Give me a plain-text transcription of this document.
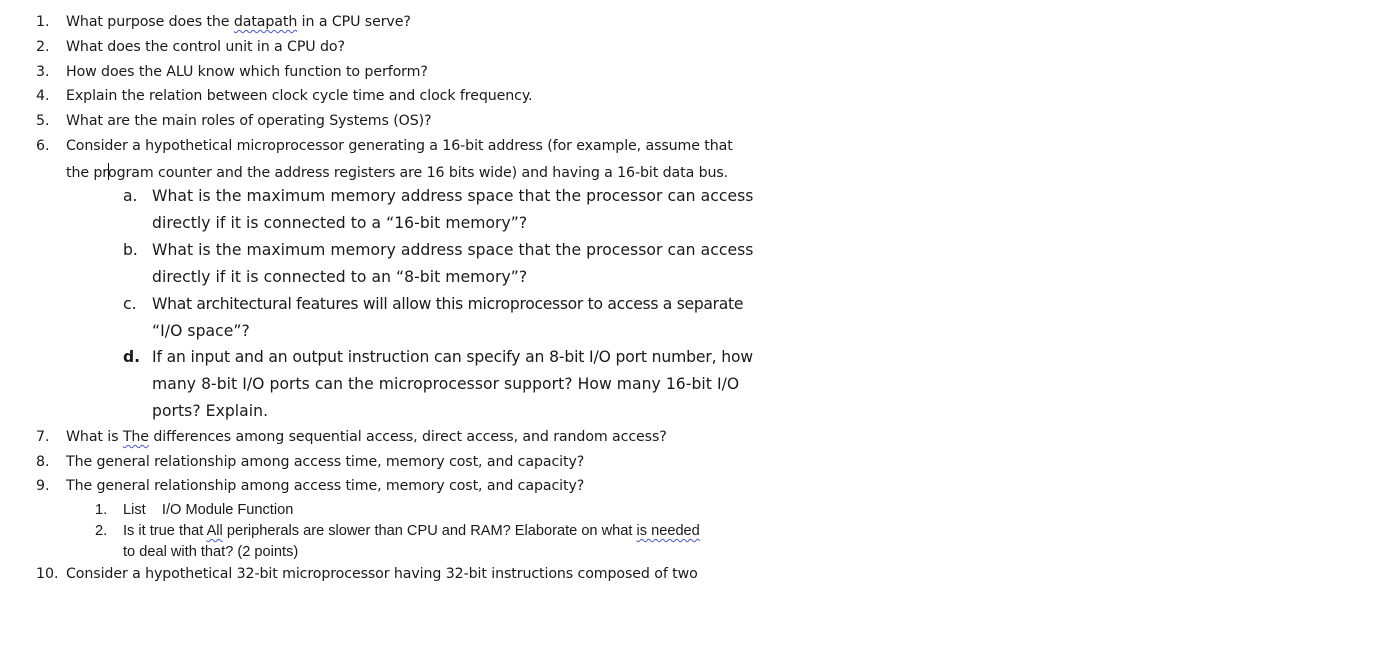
1. What purpose does the datapath in a CPU serve?
2. What does the control unit in a CPU do?
3. How does the ALU know which function to perform?
4. Explain the relation between clock cycle time and clock frequency.
5. What are the main roles of operating Systems (OS)?
6. Consider a hypothetical microprocessor generating a 16-bit address (for example, assume that
the program counter and the address registers are 16 bits wide) and having a 16-bit data bus.
a. What is the maximum memory address space that the processor can access
directly if it is connected to a “16-bit memory”?
b. What is the maximum memory address space that the processor can access
directly if it is connected to an “8-bit memory”?
c. What architectural features will allow this microprocessor to access a separate
“I/O space”?
d. If an input and an output instruction can specify an 8-bit I/O port number, how
many 8-bit I/O ports can the microprocessor support? How many 16-bit I/O
ports? Explain.
7. What is The differences among sequential access, direct access, and random access?
8. The general relationship among access time, memory cost, and capacity?
9. The general relationship among access time, memory cost, and capacity?
1. List    I/O Module Function
2. Is it true that All peripherals are slower than CPU and RAM? Elaborate on what is needed
to deal with that? (2 points)
10. Consider a hypothetical 32-bit microprocessor having 32-bit instructions composed of two
